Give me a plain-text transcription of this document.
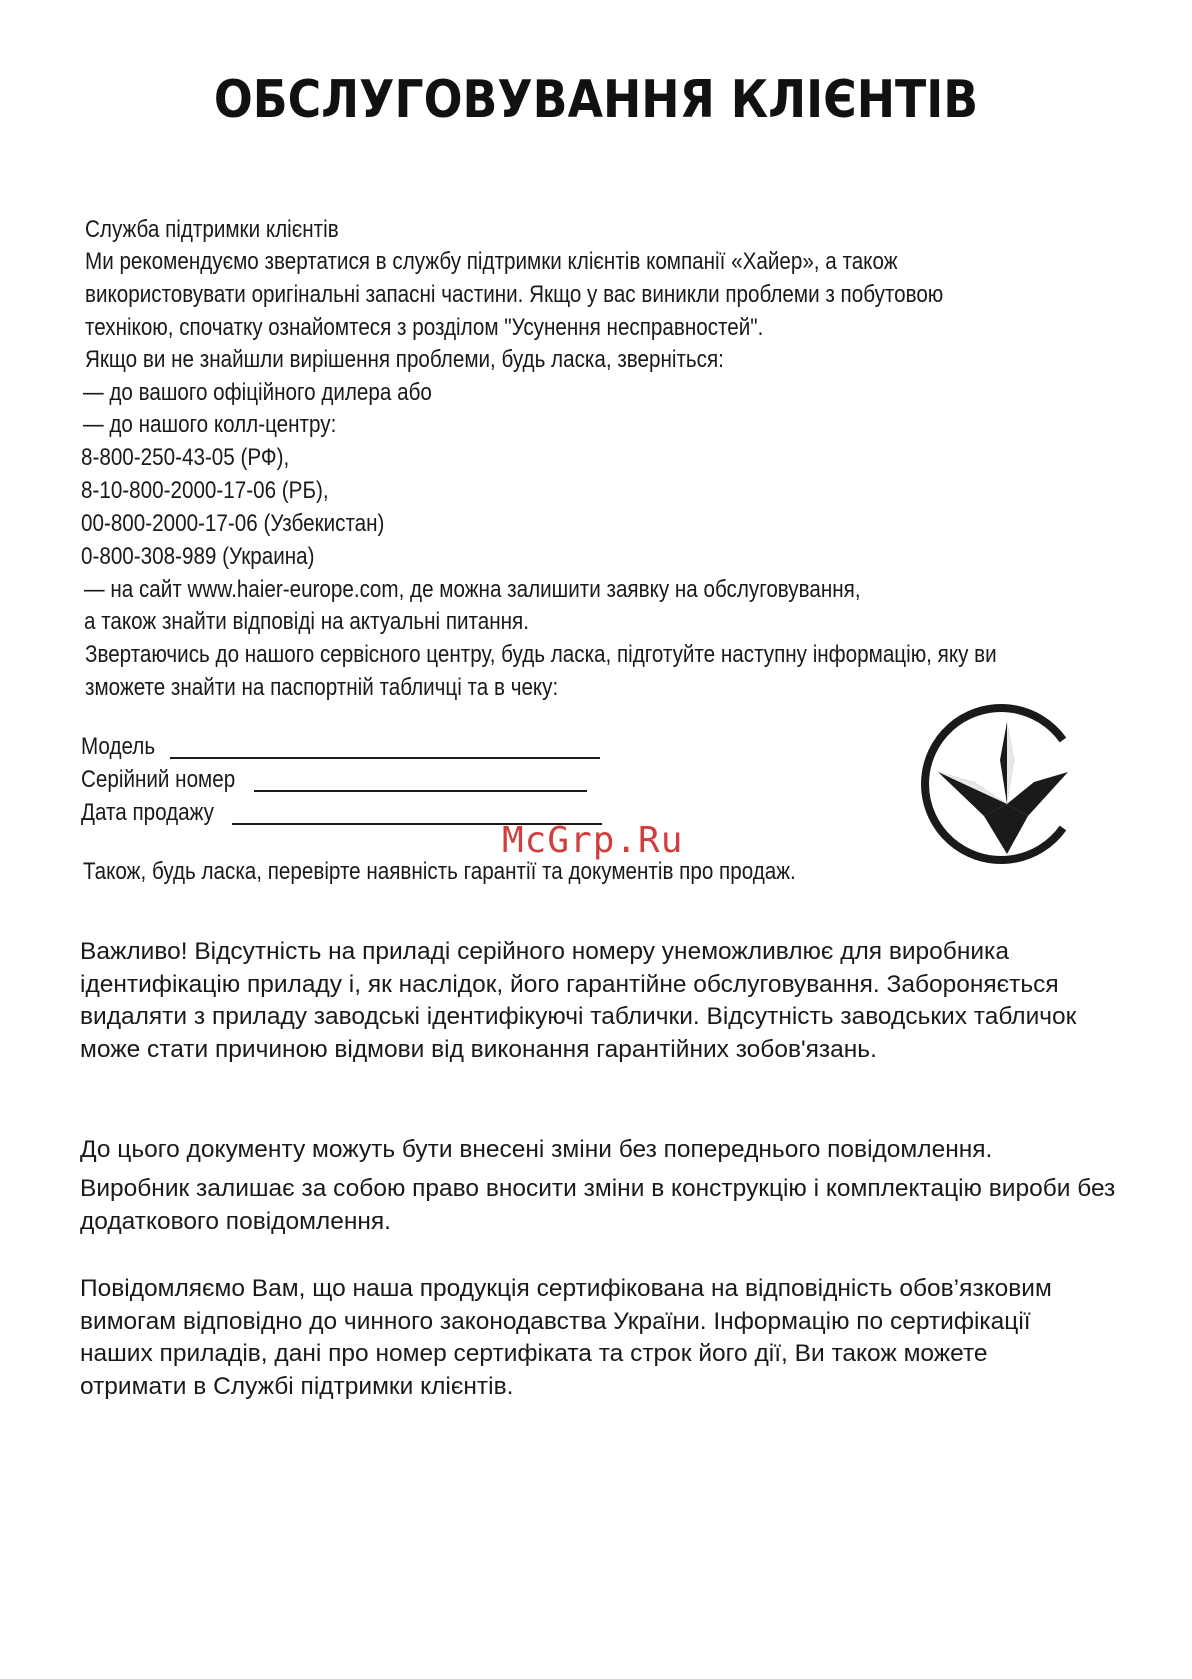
ОБСЛУГОВУВАННЯ КЛІЄНТІВ
Служба підтримки клієнтів
Ми рекомендуємо звертатися в службу підтримки клієнтів компанії «Хайер», а також
використовувати оригінальні запасні частини. Якщо у вас виникли проблеми з побутовою
технікою, спочатку ознайомтеся з розділом "Усунення несправностей".
Якщо ви не знайшли вирішення проблеми, будь ласка, зверніться:
— до вашого офіційного дилера або
— до нашого колл-центру:
8-800-250-43-05 (РФ),
8-10-800-2000-17-06 (РБ),
00-800-2000-17-06 (Узбекистан)
0-800-308-989 (Украина)
— на сайт www.haier-europe.com, де можна залишити заявку на обслуговування,
а також знайти відповіді на актуальні питання.
Звертаючись до нашого сервісного центру, будь ласка, підготуйте наступну інформацію, яку ви
зможете знайти на паспортній табличці та в чеку:
Модель
Серійний номер
Дата продажу
McGrp.Ru
Також, будь ласка, перевірте наявність гарантії та документів про продаж.

Важливо! Відсутність на приладі серійного номеру унеможливлює для виробника ідентифікацію приладу і, як наслідок, його гарантійне обслуговування. Забороняється видаляти з приладу заводські ідентифікуючі таблички. Відсутність заводських табличок може стати причиною відмови від виконання гарантійних зобов'язань.

До цього документу можуть бути внесені зміни без попереднього повідомлення.

Виробник залишає за собою право вносити зміни в конструкцію і комплектацію вироби без додаткового повідомлення.

Повідомляємо Вам, що наша продукція сертифікована на відповідність обов’язковим вимогам відповідно до чинного законодавства України. Інформацію по сертифікації наших приладів, дані про номер сертифіката та строк його дії, Ви також можете отримати в Службі підтримки клієнтів.
